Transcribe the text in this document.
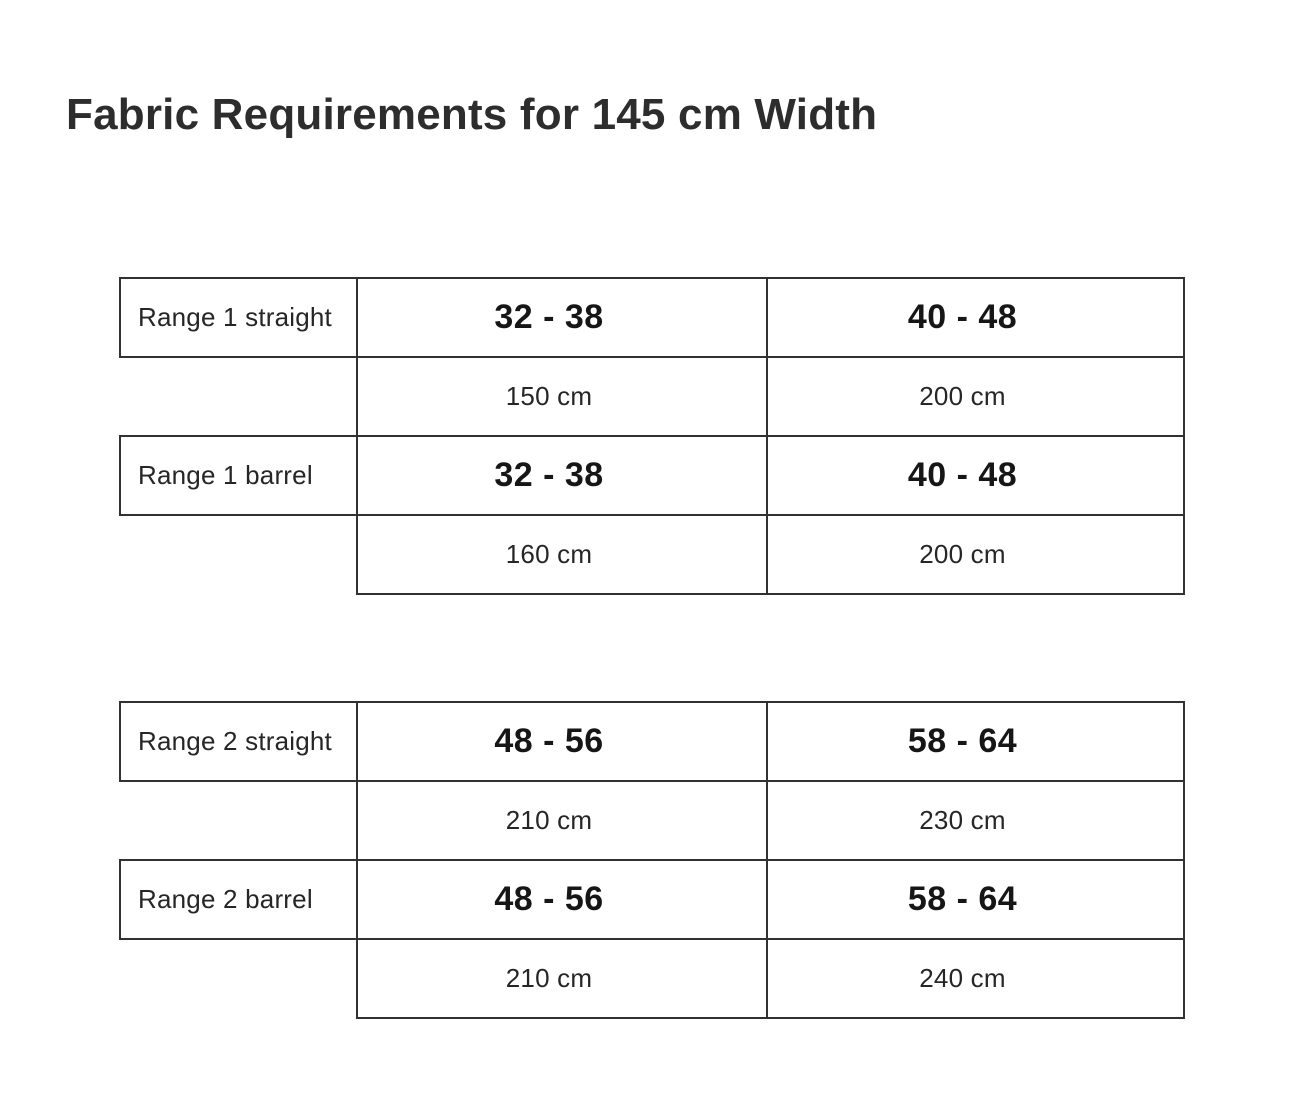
Fabric Requirements for 145 cm Width
Range 1 straight	32 - 38	40 - 48
	150 cm	200 cm
Range 1 barrel	32 - 38	40 - 48
	160 cm	200 cm
Range 2 straight	48 - 56	58 - 64
	210 cm	230 cm
Range 2 barrel	48 - 56	58 - 64
	210 cm	240 cm
